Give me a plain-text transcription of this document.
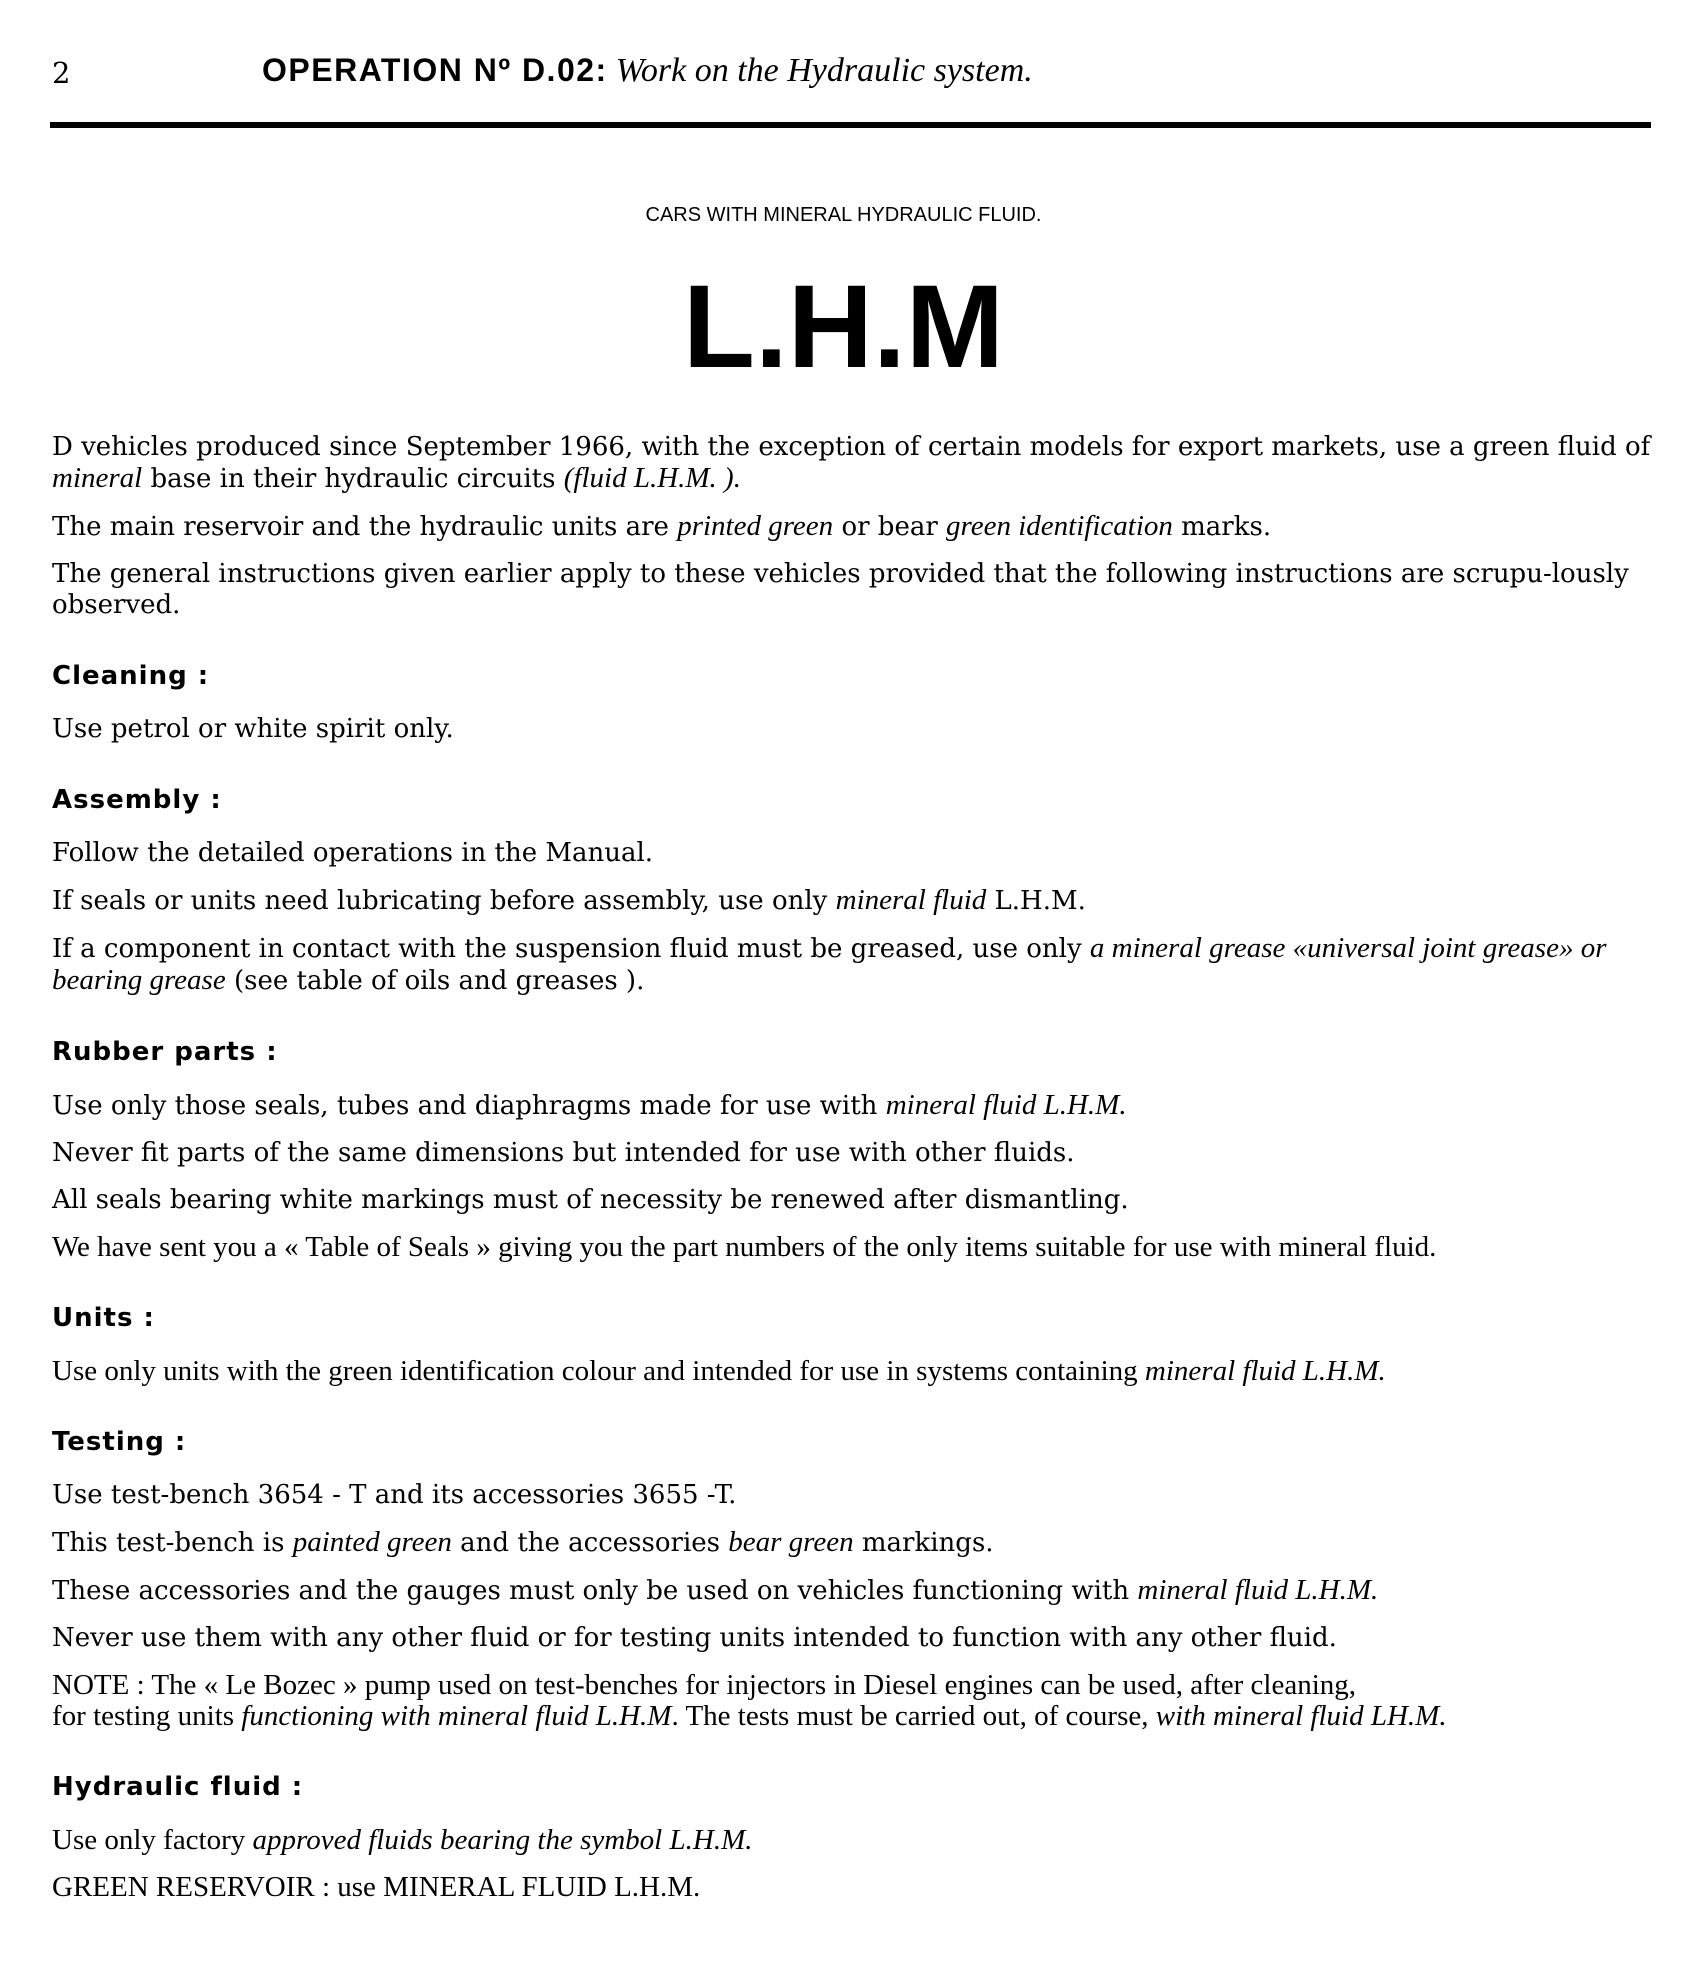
2	OPERATION Nº D.02: Work on the Hydraulic system.
CARS WITH MINERAL HYDRAULIC FLUID.
L.H.M

D vehicles produced since September 1966, with the exception of certain models for export markets, use a green fluid of mineral base in their hydraulic circuits (fluid L.H.M. ).

The main reservoir and the hydraulic units are printed green or bear green identification marks.

The general instructions given earlier apply to these vehicles provided that the following instructions are scrupu-lously observed.

Cleaning :

Use petrol or white spirit only.

Assembly :

Follow the detailed operations in the Manual.

If seals or units need lubricating before assembly, use only mineral fluid L.H.M.

If a component in contact with the suspension fluid must be greased, use only a mineral grease «universal joint grease» or bearing grease (see table of oils and greases ).

Rubber parts :

Use only those seals, tubes and diaphragms made for use with mineral fluid L.H.M.

Never fit parts of the same dimensions but intended for use with other fluids.

All seals bearing white markings must of necessity be renewed after dismantling.

We have sent you a « Table of Seals » giving you the part numbers of the only items suitable for use with mineral fluid.

Units :

Use only units with the green identification colour and intended for use in systems containing mineral fluid L.H.M.

Testing :

Use test-bench 3654 - T and its accessories 3655 -T.

This test-bench is painted green and the accessories bear green markings.

These accessories and the gauges must only be used on vehicles functioning with mineral fluid L.H.M.

Never use them with any other fluid or for testing units intended to function with any other fluid.

NOTE : The « Le Bozec » pump used on test-benches for injectors in Diesel engines can be used, after cleaning,
for testing units functioning with mineral fluid L.H.M. The tests must be carried out, of course, with mineral fluid LH.M.

Hydraulic fluid :

Use only factory approved fluids bearing the symbol L.H.M.

GREEN RESERVOIR : use MINERAL FLUID L.H.M.
